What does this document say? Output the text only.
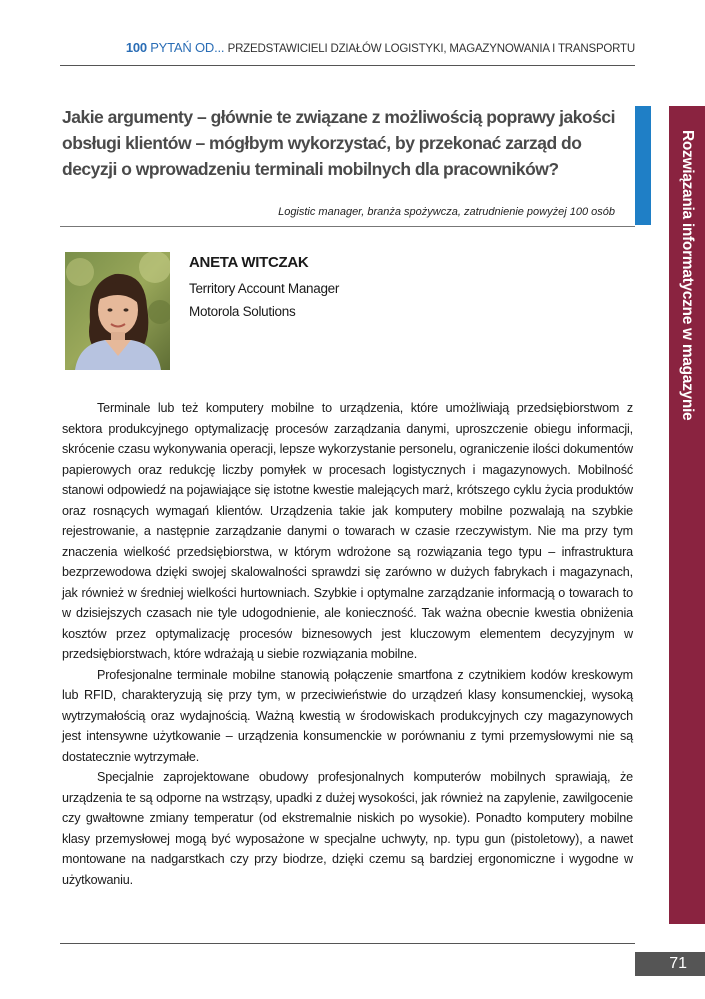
100 PYTAŃ OD... PRZEDSTAWICIELI DZIAŁÓW LOGISTYKI, MAGAZYNOWANIA I TRANSPORTU
Jakie argumenty – głównie te związane z możliwością poprawy jakości obsługi klientów – mógłbym wykorzystać, by przekonać zarząd do decyzji o wprowadzeniu terminali mobilnych dla pracowników?
Logistic manager, branża spożywcza, zatrudnienie powyżej 100 osób	Rozwiązania informatyczne w magazynie
ANETA WITCZAK
Territory Account Manager
Motorola Solutions

Terminale lub też komputery mobilne to urządzenia, które umożliwiają przedsiębiorstwom z sektora produkcyjnego optymalizację procesów zarządzania danymi, uproszczenie obiegu informacji, skrócenie czasu wykonywania operacji, lepsze wykorzystanie personelu, ograniczenie ilości dokumentów papierowych oraz redukcję liczby pomyłek w procesach logistycznych i magazynowych. Mobilność stanowi odpowiedź na pojawiające się istotne kwestie malejących marż, krótszego cyklu życia produktów oraz rosnących wymagań klientów. Urządzenia takie jak komputery mobilne pozwalają na szybkie rejestrowanie, a następnie zarządzanie danymi o towarach w czasie rzeczywistym. Nie ma przy tym znaczenia wielkość przedsiębiorstwa, w którym wdrożone są rozwiązania tego typu – infrastruktura bezprzewodowa dzięki swojej skalowalności sprawdzi się zarówno w dużych fabrykach i magazynach, jak również w średniej wielkości hurtowniach. Szybkie i optymalne zarządzanie informacją o towarach to w dzisiejszych czasach nie tyle udogodnienie, ale konieczność. Tak ważna obecnie kwestia obniżenia kosztów przez optymalizację procesów biznesowych jest kluczowym elementem decyzyjnym w przedsiębiorstwach, które wdrażają u siebie rozwiązania mobilne.

Profesjonalne terminale mobilne stanowią połączenie smartfona z czytnikiem kodów kreskowym lub RFID, charakteryzują się przy tym, w przeciwieństwie do urządzeń klasy konsumenckiej, wysoką wytrzymałością oraz wydajnością. Ważną kwestią w środowiskach produkcyjnych czy magazynowych jest intensywne użytkowanie – urządzenia konsumenckie w porównaniu z tymi przemysłowymi nie są dostatecznie wytrzymałe.

Specjalnie zaprojektowane obudowy profesjonalnych komputerów mobilnych sprawiają, że urządzenia te są odporne na wstrząsy, upadki z dużej wysokości, jak również na zapylenie, zawilgocenie czy gwałtowne zmiany temperatur (od ekstremalnie niskich po wysokie). Ponadto komputery mobilne klasy przemysłowej mogą być wyposażone w specjalne uchwyty, np. typu gun (pistoletowy), a nawet montowane na nadgarstkach czy przy biodrze, dzięki czemu są bardziej ergonomiczne i wygodne w użytkowaniu.

71
